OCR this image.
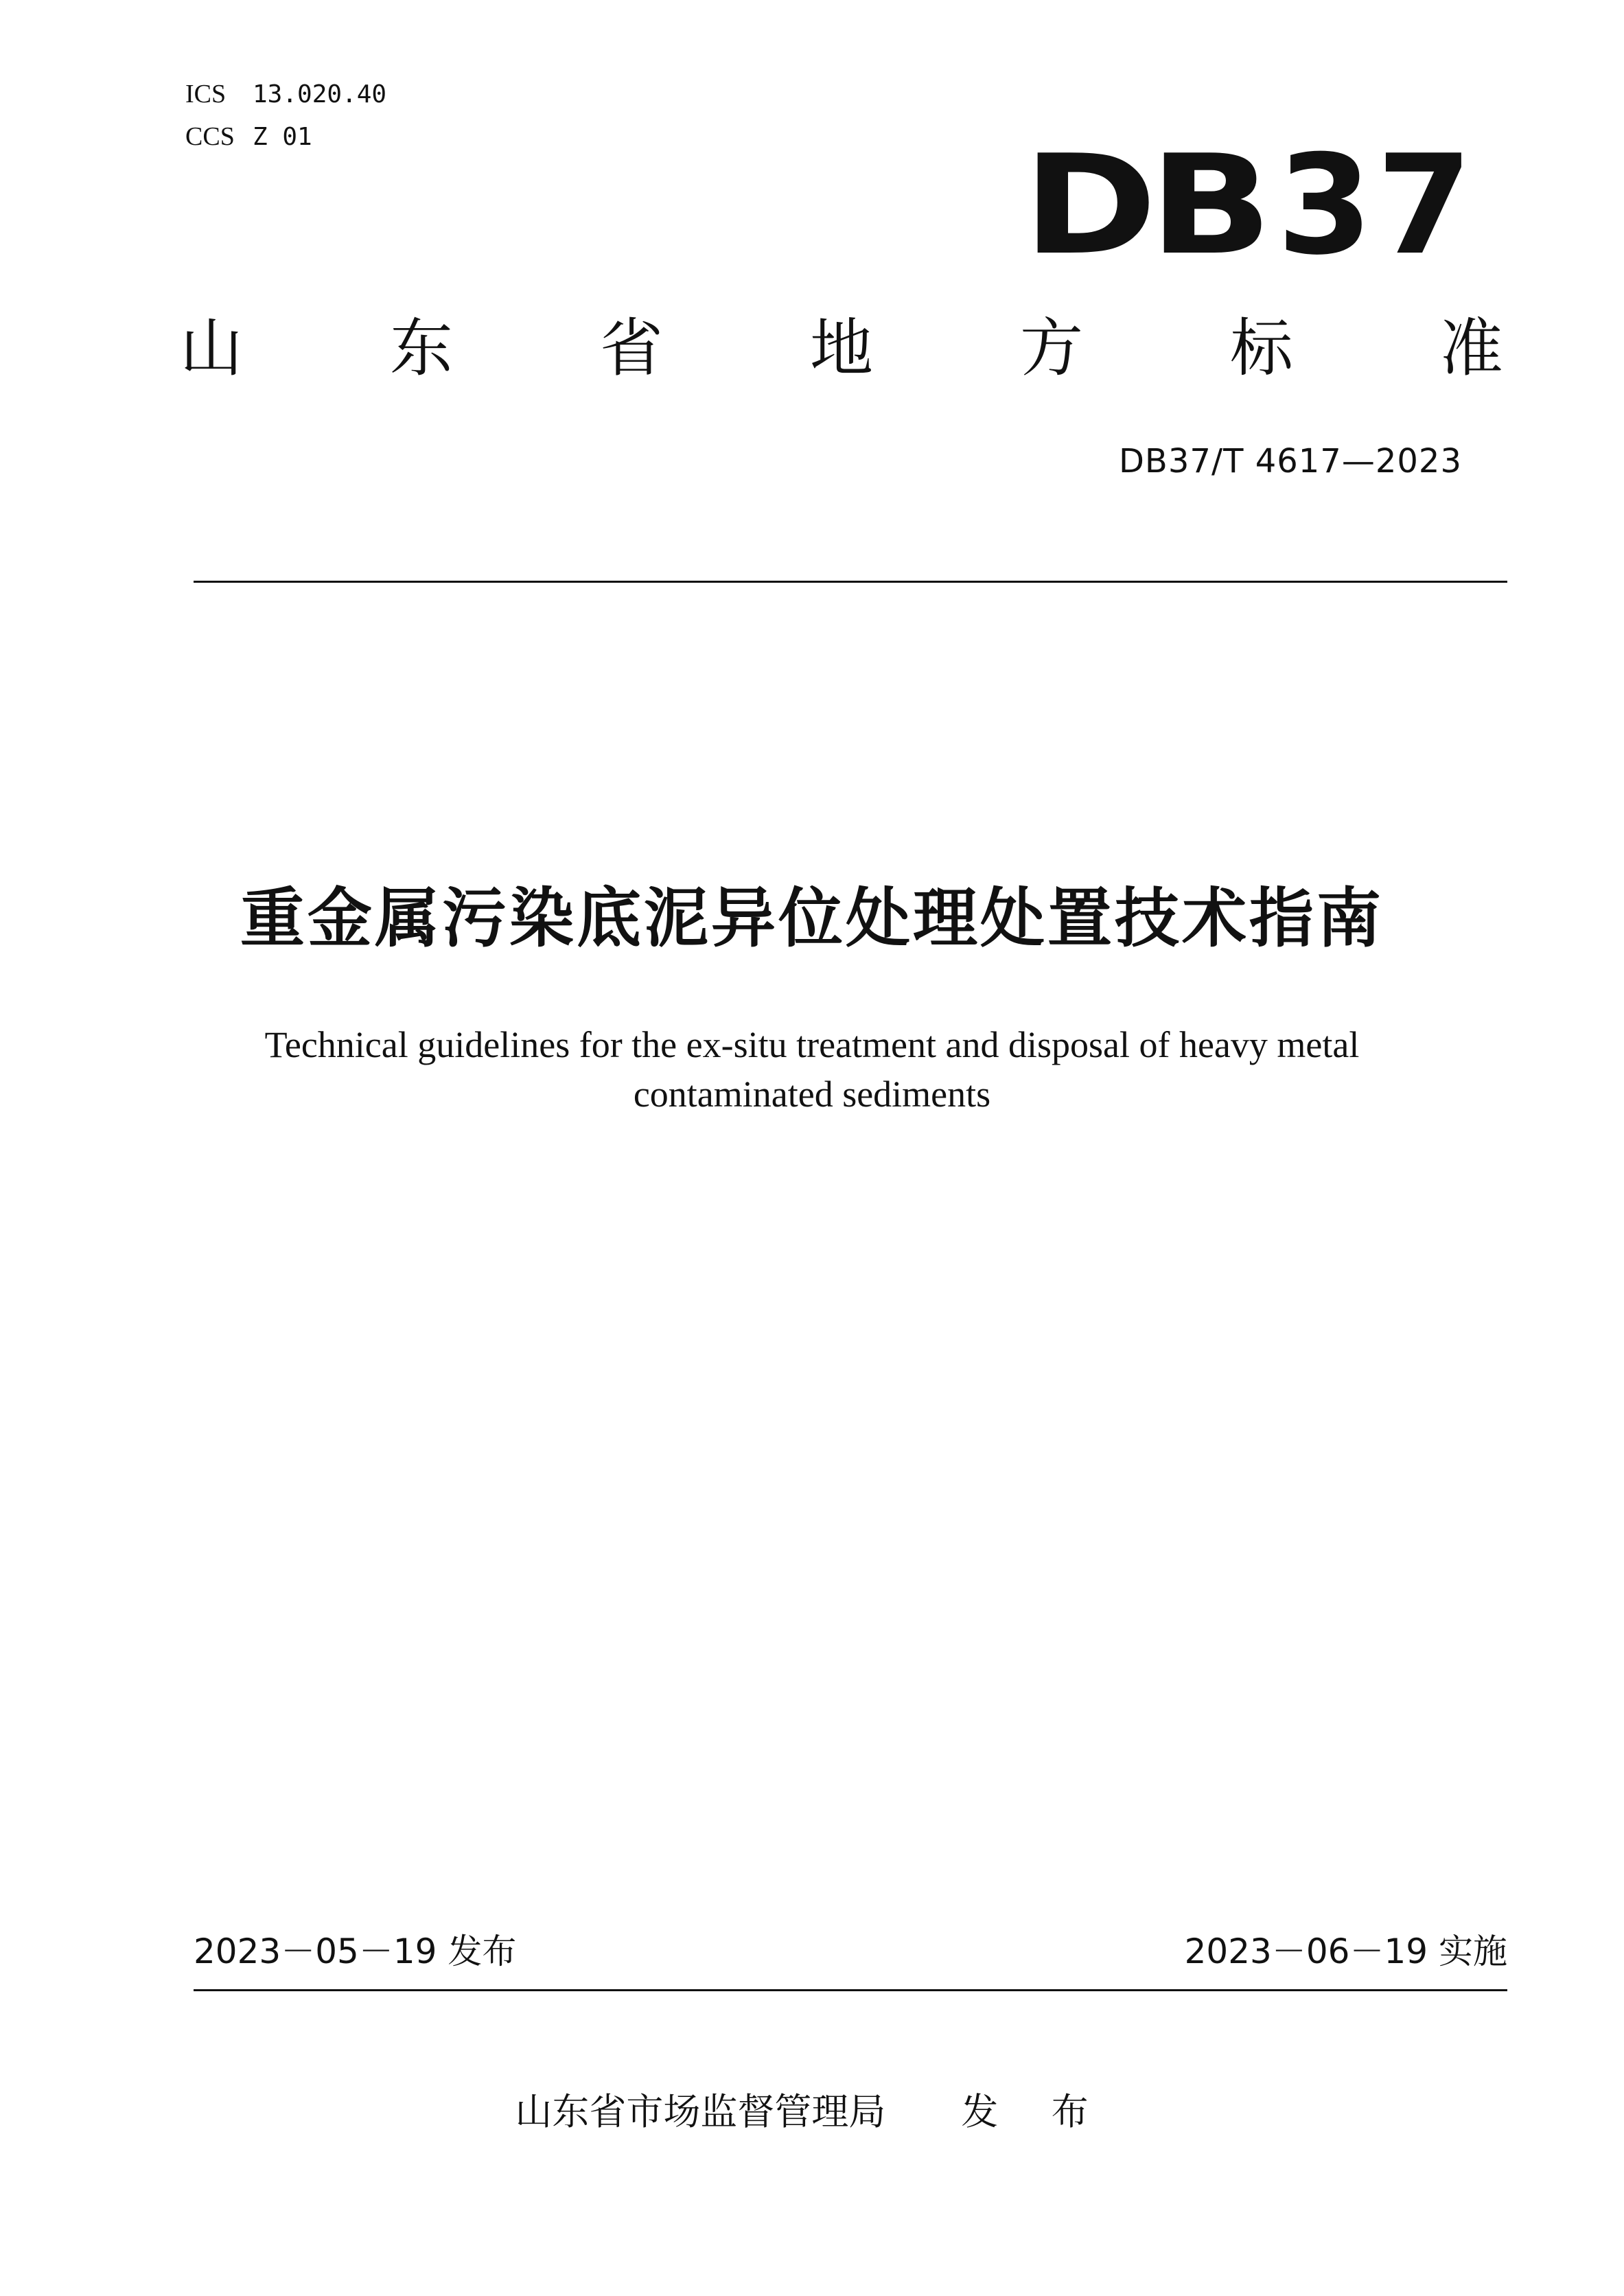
ICS 13.020.40
CCS Z 01	DB37
山 东 省 地 方 标 准
DB37/T 4617—2023
重金属污染底泥异位处理处置技术指南
Technical guidelines for the ex-situ treatment and disposal of heavy metal contaminated sediments
2023－05－19 发布	2023－06－19 实施
山东省市场监督管理局 发 布
